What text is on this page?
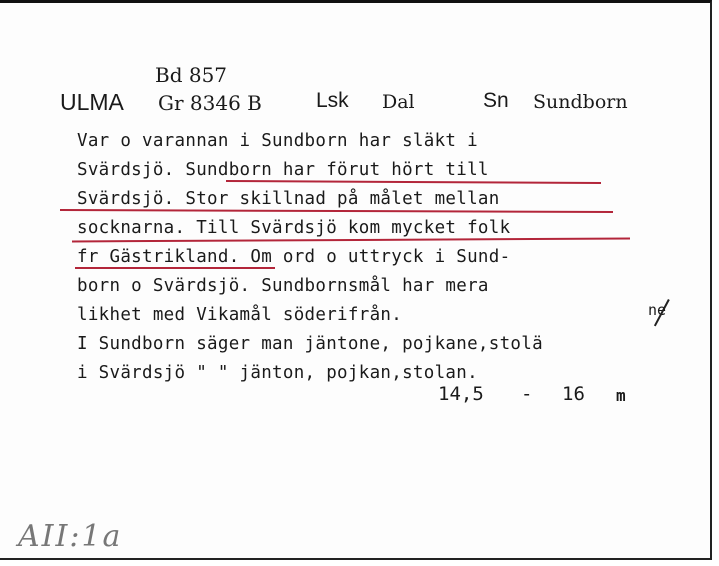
Bd 857
ULMA Gr 8346 B	Lsk Dal	Sn Sundborn
Var o varannan i Sundborn har släkt i
Svärdsjö. Sundborn har förut hört till
Svärdsjö. Stor skillnad på målet mellan
socknarna. Till Svärdsjö kom mycket folk
fr Gästrikland. Om ord o uttryck i Sund-
born o Svärdsjö. Sundbornsmål har mera
likhet med Vikamål söderifrån.
I Sundborn säger man jäntone, pojkane,stolä
i Svärdsjö " " jänton, pojkan,stolan.
ne
14,5 - 16 m
AII:1a
